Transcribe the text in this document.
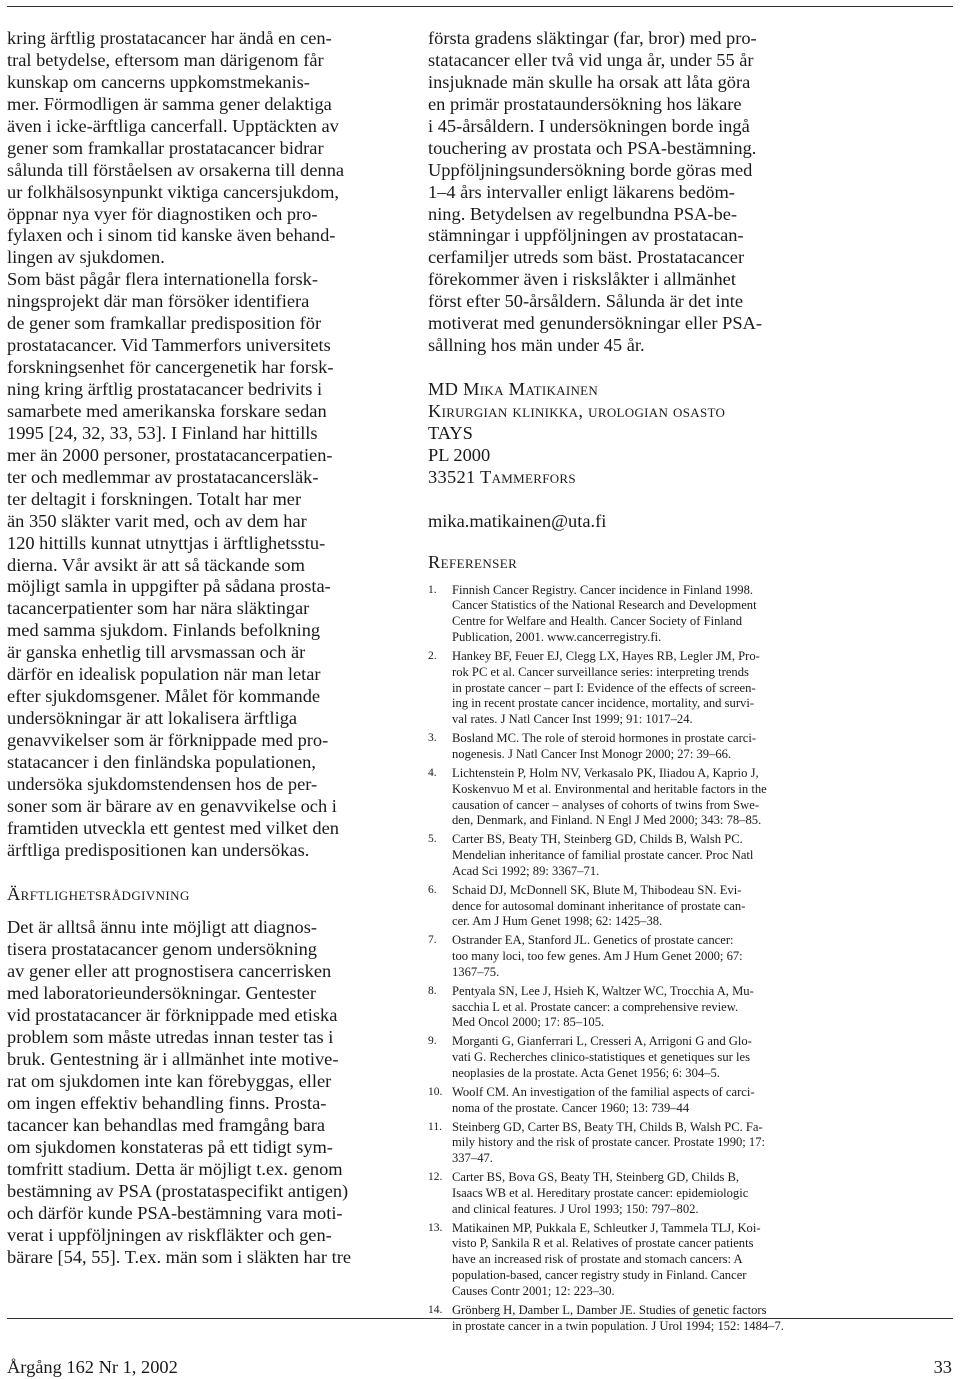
kring ärftlig prostatacancer har ändå en cen-
tral betydelse, eftersom man därigenom får
kunskap om cancerns uppkomstmekanis-
mer. Förmodligen är samma gener delaktiga
även i icke-ärftliga cancerfall. Upptäckten av
gener som framkallar prostatacancer bidrar
sålunda till förståelsen av orsakerna till denna
ur folkhälsosynpunkt viktiga cancersjukdom,
öppnar nya vyer för diagnostiken och pro-
fylaxen och i sinom tid kanske även behand-
lingen av sjukdomen.
Som bäst pågår flera internationella forsk-
ningsprojekt där man försöker identifiera
de gener som framkallar predisposition för
prostatacancer. Vid Tammerfors universitets
forskningsenhet för cancergenetik har forsk-
ning kring ärftlig prostatacancer bedrivits i
samarbete med amerikanska forskare sedan
1995 [24, 32, 33, 53]. I Finland har hittills
mer än 2000 personer, prostatacancerpatien-
ter och medlemmar av prostatacancersläk-
ter deltagit i forskningen. Totalt har mer
än 350 släkter varit med, och av dem har
120 hittills kunnat utnyttjas i ärftlighetsstu-
dierna. Vår avsikt är att så täckande som
möjligt samla in uppgifter på sådana prosta-
tacancerpatienter som har nära släktingar
med samma sjukdom. Finlands befolkning
är ganska enhetlig till arvsmassan och är
därför en idealisk population när man letar
efter sjukdomsgener. Målet för kommande
undersökningar är att lokalisera ärftliga
genavvikelser som är förknippade med pro-
statacancer i den finländska populationen,
undersöka sjukdomstendensen hos de per-
soner som är bärare av en genavvikelse och i
framtiden utveckla ett gentest med vilket den
ärftliga predispositionen kan undersökas.
Ärftlighetsrådgivning
Det är alltså ännu inte möjligt att diagnos-
tisera prostatacancer genom undersökning
av gener eller att prognostisera cancerrisken
med laboratorieundersökningar. Gentester
vid prostatacancer är förknippade med etiska
problem som måste utredas innan tester tas i
bruk. Gentestning är i allmänhet inte motive-
rat om sjukdomen inte kan förebyggas, eller
om ingen effektiv behandling finns. Prosta-
tacancer kan behandlas med framgång bara
om sjukdomen konstateras på ett tidigt sym-
tomfritt stadium. Detta är möjligt t.ex. genom
bestämning av PSA (prostataspecifikt antigen)
och därför kunde PSA-bestämning vara moti-
verat i uppföljningen av riskfläkter och gen-
bärare [54, 55]. T.ex. män som i släkten har tre
första gradens släktingar (far, bror) med pro-
statacancer eller två vid unga år, under 55 år
insjuknade män skulle ha orsak att låta göra
en primär prostataundersökning hos läkare
i 45-årsåldern. I undersökningen borde ingå
touchering av prostata och PSA-bestämning.
Uppföljningsundersökning borde göras med
1–4 års intervaller enligt läkarens bedöm-
ning. Betydelsen av regelbundna PSA-be-
stämningar i uppföljningen av prostatacan-
cerfamiljer utreds som bäst. Prostatacancer
förekommer även i riskslåkter i allmänhet
först efter 50-årsåldern. Sålunda är det inte
motiverat med genundersökningar eller PSA-
sållning hos män under 45 år.
MD Mika Matikainen
Kirurgian klinikka, urologian osasto
TAYS
PL 2000
33521 Tammerfors
mika.matikainen@uta.fi
Referenser
1. Finnish Cancer Registry. Cancer incidence in Finland 1998.
Cancer Statistics of the National Research and Development
Centre for Welfare and Health. Cancer Society of Finland
Publication, 2001. www.cancerregistry.fi.
2. Hankey BF, Feuer EJ, Clegg LX, Hayes RB, Legler JM, Pro-
rok PC et al. Cancer surveillance series: interpreting trends
in prostate cancer – part I: Evidence of the effects of screen-
ing in recent prostate cancer incidence, mortality, and survi-
val rates. J Natl Cancer Inst 1999; 91: 1017–24.
3. Bosland MC. The role of steroid hormones in prostate carci-
nogenesis. J Natl Cancer Inst Monogr 2000; 27: 39–66.
4. Lichtenstein P, Holm NV, Verkasalo PK, Iliadou A, Kaprio J,
Koskenvuo M et al. Environmental and heritable factors in the
causation of cancer – analyses of cohorts of twins from Swe-
den, Denmark, and Finland. N Engl J Med 2000; 343: 78–85.
5. Carter BS, Beaty TH, Steinberg GD, Childs B, Walsh PC.
Mendelian inheritance of familial prostate cancer. Proc Natl
Acad Sci 1992; 89: 3367–71.
6. Schaid DJ, McDonnell SK, Blute M, Thibodeau SN. Evi-
dence for autosomal dominant inheritance of prostate can-
cer. Am J Hum Genet 1998; 62: 1425–38.
7. Ostrander EA, Stanford JL. Genetics of prostate cancer:
too many loci, too few genes. Am J Hum Genet 2000; 67:
1367–75.
8. Pentyala SN, Lee J, Hsieh K, Waltzer WC, Trocchia A, Mu-
sacchia L et al. Prostate cancer: a comprehensive review.
Med Oncol 2000; 17: 85–105.
9. Morganti G, Gianferrari L, Cresseri A, Arrigoni G and Glo-
vati G. Recherches clinico-statistiques et genetiques sur les
neoplasies de la prostate. Acta Genet 1956; 6: 304–5.
10. Woolf CM. An investigation of the familial aspects of carci-
noma of the prostate. Cancer 1960; 13: 739–44
11. Steinberg GD, Carter BS, Beaty TH, Childs B, Walsh PC. Fa-
mily history and the risk of prostate cancer. Prostate 1990; 17:
337–47.
12. Carter BS, Bova GS, Beaty TH, Steinberg GD, Childs B,
Isaacs WB et al. Hereditary prostate cancer: epidemiologic
and clinical features. J Urol 1993; 150: 797–802.
13. Matikainen MP, Pukkala E, Schleutker J, Tammela TLJ, Koi-
visto P, Sankila R et al. Relatives of prostate cancer patients
have an increased risk of prostate and stomach cancers: A
population-based, cancer registry study in Finland. Cancer
Causes Contr 2001; 12: 223–30.
14. Grönberg H, Damber L, Damber JE. Studies of genetic factors
in prostate cancer in a twin population. J Urol 1994; 152: 1484–7.
Årgång 162 Nr 1, 2002	33
